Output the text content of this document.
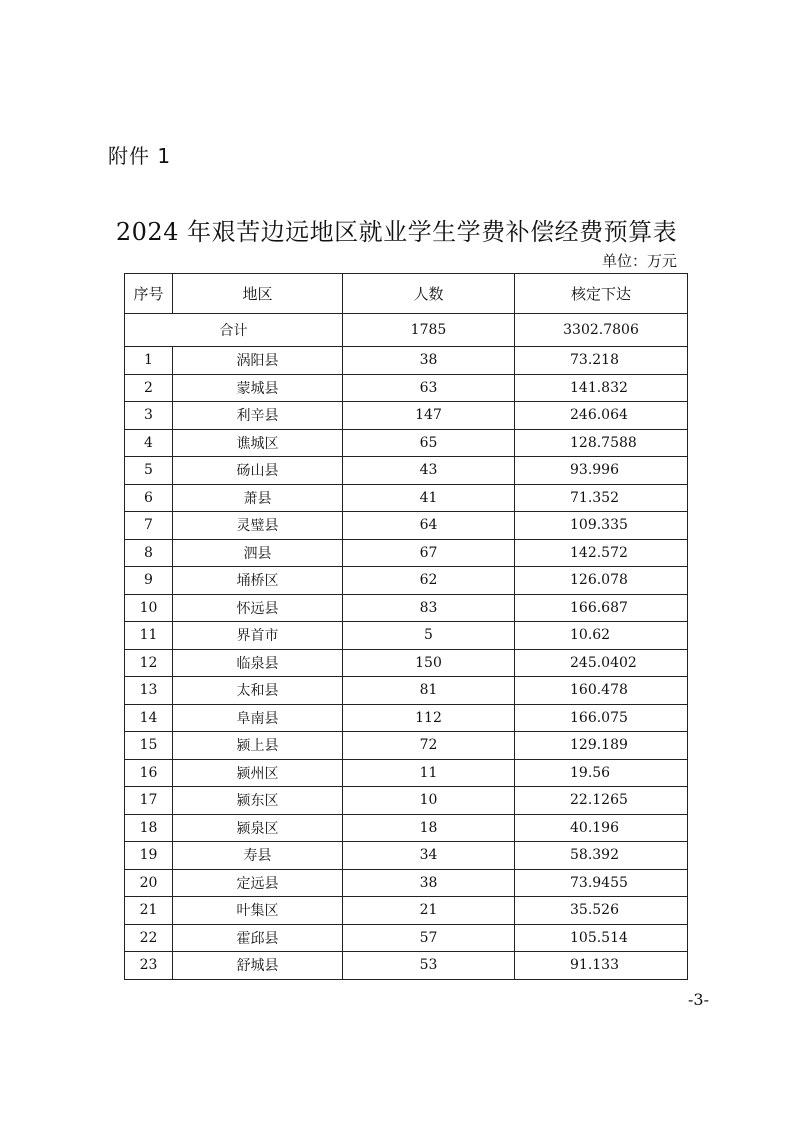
附件 1
2024 年艰苦边远地区就业学生学费补偿经费预算表
单位：万元
序号	地区	人数	核定下达
合计		1785	3302.7806
1	涡阳县	38	73.218
2	蒙城县	63	141.832
3	利辛县	147	246.064
4	谯城区	65	128.7588
5	砀山县	43	93.996
6	萧县	41	71.352
7	灵璧县	64	109.335
8	泗县	67	142.572
9	埇桥区	62	126.078
10	怀远县	83	166.687
11	界首市	5	10.62
12	临泉县	150	245.0402
13	太和县	81	160.478
14	阜南县	112	166.075
15	颍上县	72	129.189
16	颍州区	11	19.56
17	颍东区	10	22.1265
18	颍泉区	18	40.196
19	寿县	34	58.392
20	定远县	38	73.9455
21	叶集区	21	35.526
22	霍邱县	57	105.514
23	舒城县	53	91.133
-3-
